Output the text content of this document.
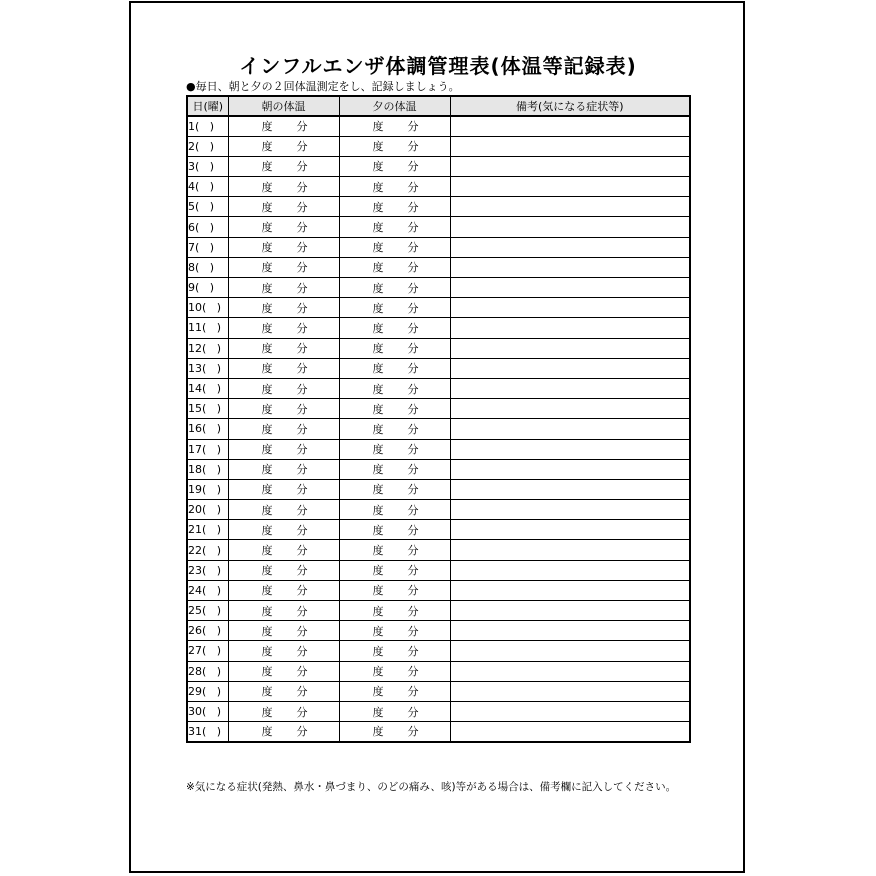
インフルエンザ体調管理表(体温等記録表)
●毎日、朝と夕の２回体温測定をし、記録しましょう。
日(曜)	朝の体温	夕の体温	備考(気になる症状等)
1( )	度 分	度 分	

2( )	度 分	度 分	

3( )	度 分	度 分	

4( )	度 分	度 分	

5( )	度 分	度 分	

6( )	度 分	度 分	

7( )	度 分	度 分	

8( )	度 分	度 分	

9( )	度 分	度 分	

10( )	度 分	度 分	

11( )	度 分	度 分	

12( )	度 分	度 分	

13( )	度 分	度 分	

14( )	度 分	度 分	

15( )	度 分	度 分	

16( )	度 分	度 分	

17( )	度 分	度 分	

18( )	度 分	度 分	

19( )	度 分	度 分	

20( )	度 分	度 分	

21( )	度 分	度 分	

22( )	度 分	度 分	

23( )	度 分	度 分	

24( )	度 分	度 分	

25( )	度 分	度 分	

26( )	度 分	度 分	

27( )	度 分	度 分	

28( )	度 分	度 分	

29( )	度 分	度 分	

30( )	度 分	度 分	

31( )	度 分	度 分	

※気になる症状(発熱、鼻水・鼻づまり、のどの痛み、咳)等がある場合は、備考欄に記入してください。
